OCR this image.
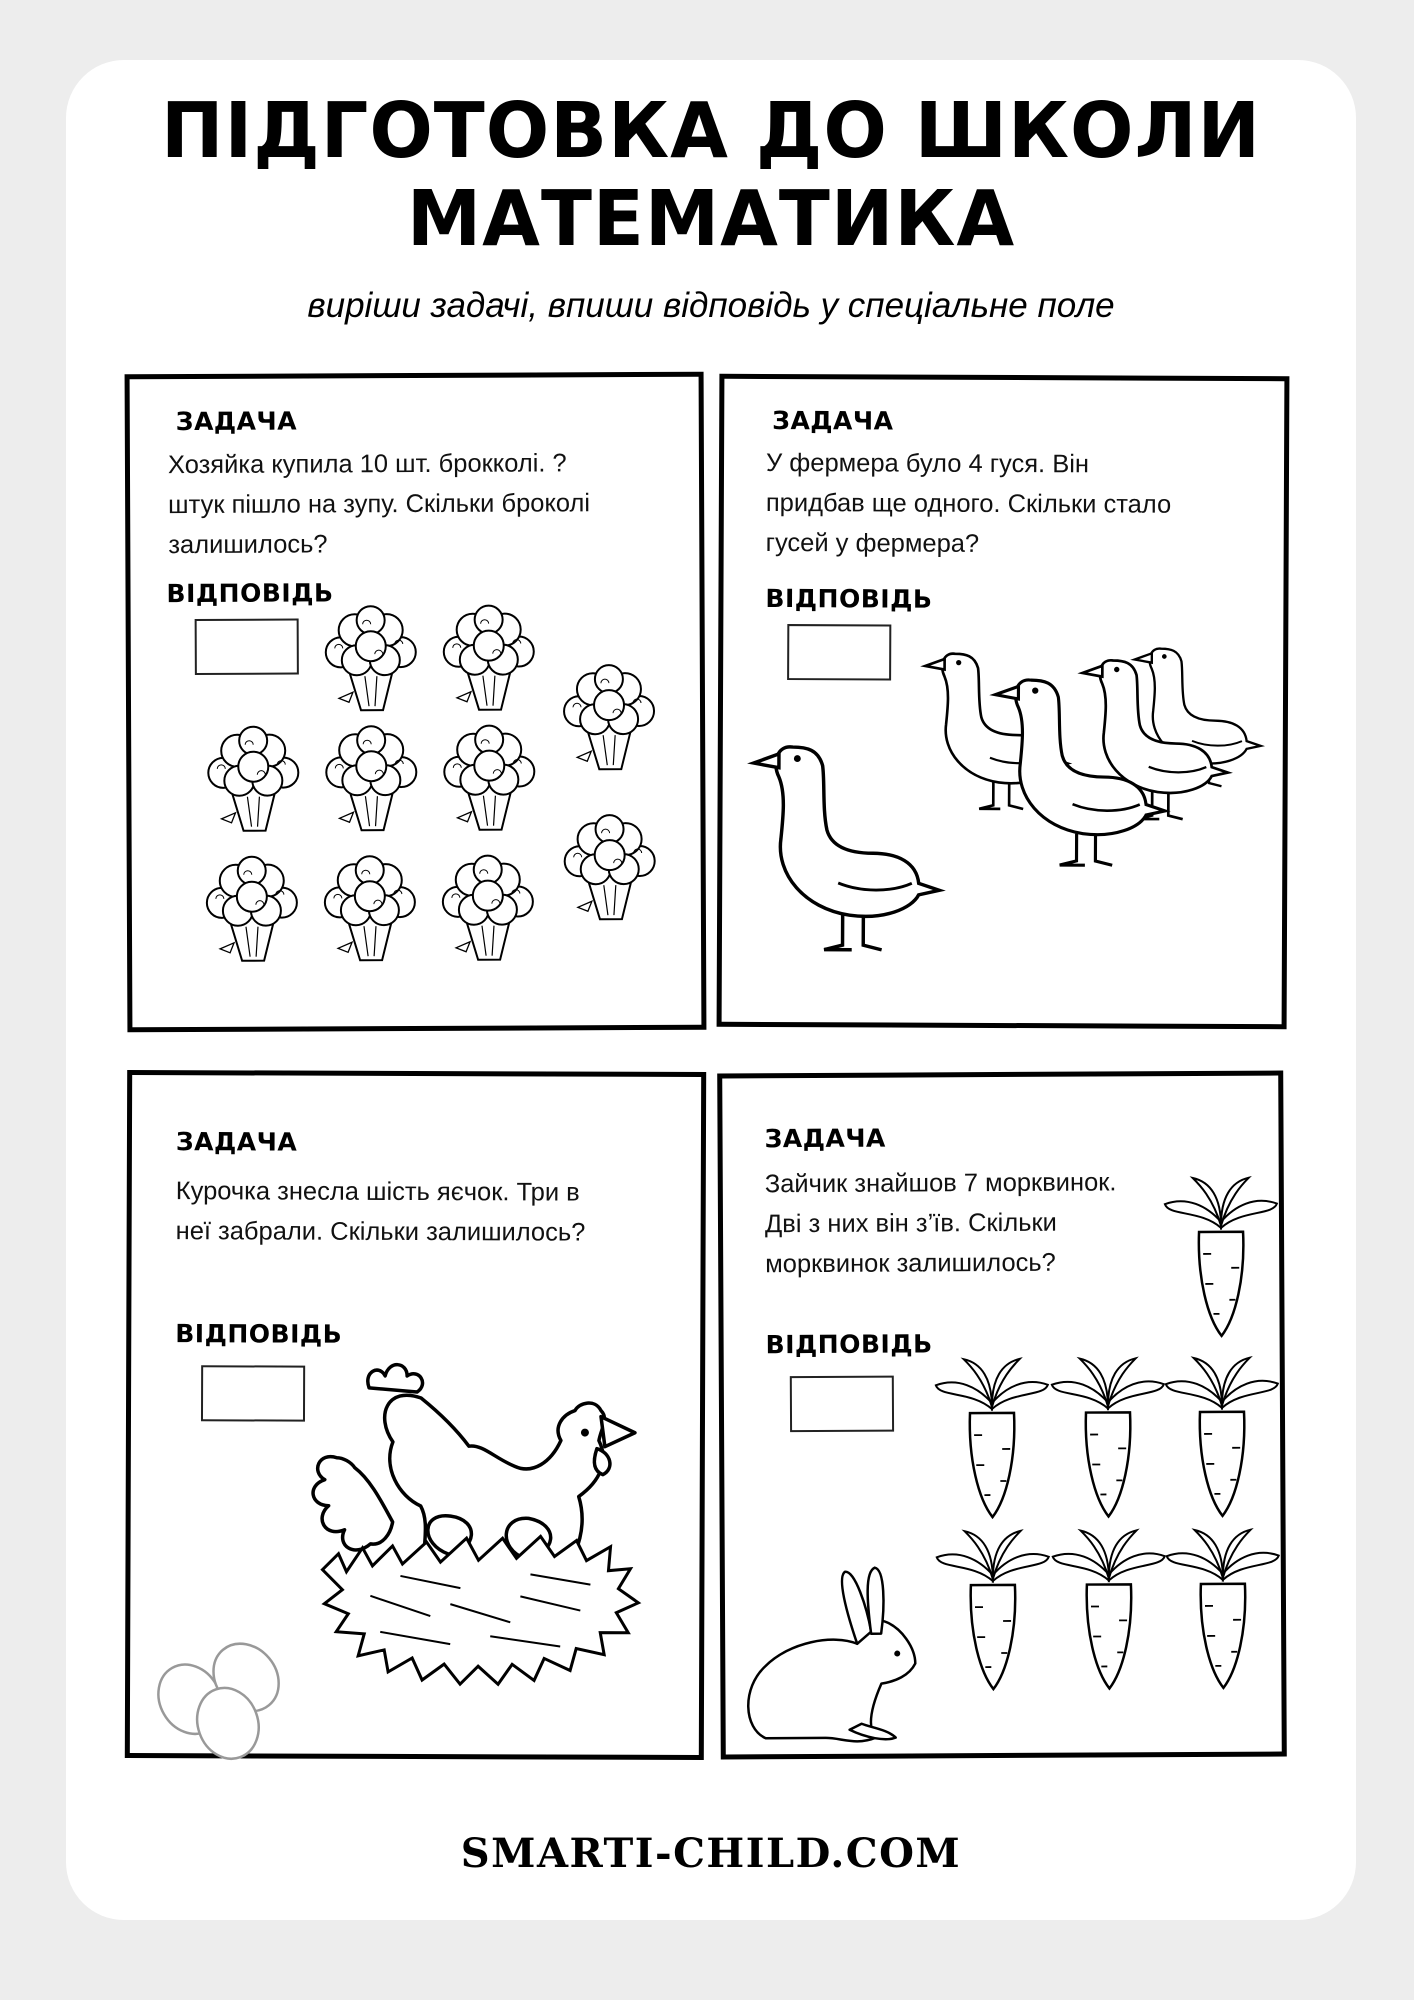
ПІДГОТОВКА ДО ШКОЛИ
МАТЕМАТИКА
виріши задачі, впиши відповідь у спеціальне поле
ЗАДАЧА
Хозяйка купила 10 шт. брокколі. ?
штук пішло на зупу. Скільки броколі
залишилось?
ВІДПОВІДЬ
ЗАДАЧА
У фермера було 4 гуся. Він
придбав ще одного. Скільки стало
гусей у фермера?
ВІДПОВІДЬ
ЗАДАЧА
Курочка знесла шість яєчок. Три в
неї забрали. Скільки залишилось?
ВІДПОВІДЬ
ЗАДАЧА
Зайчик знайшов 7 морквинок.
Дві з них він з’їв. Скільки
морквинок залишилось?
ВІДПОВІДЬ
SMARTI-CHILD.COM
